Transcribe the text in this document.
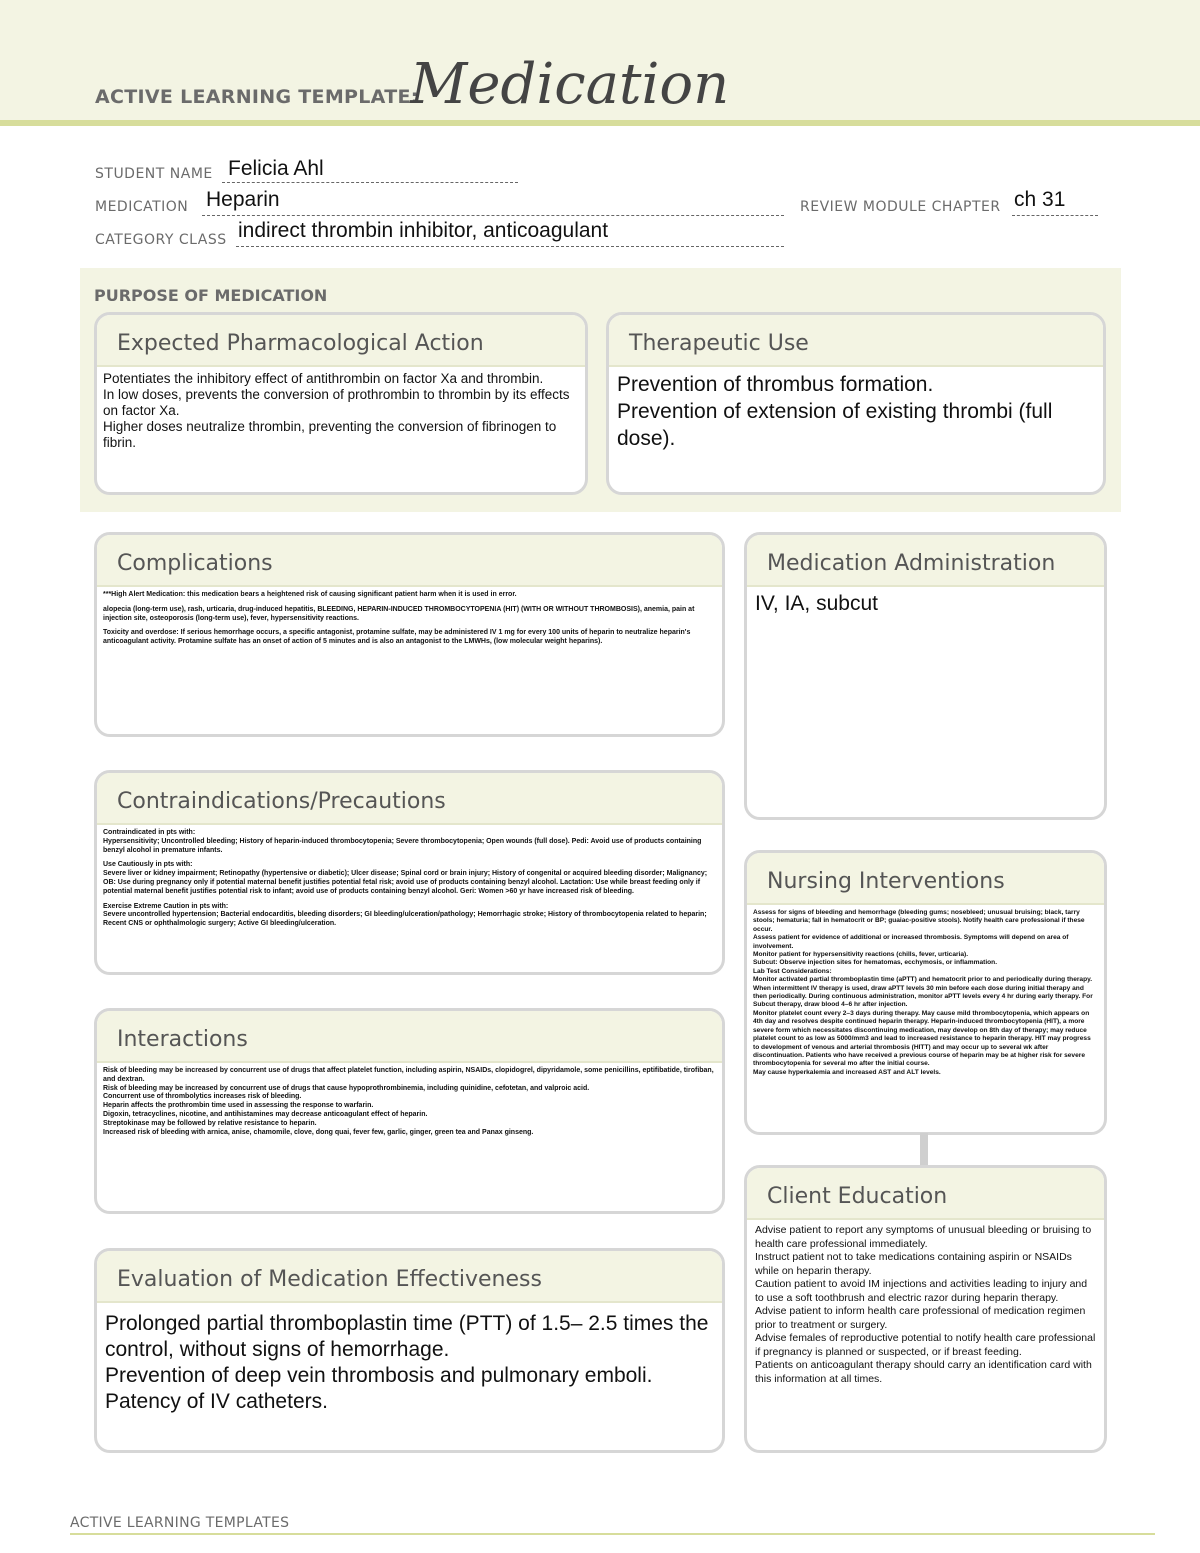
ACTIVE LEARNING TEMPLATE:
Medication
STUDENT NAME Felicia Ahl
MEDICATION Heparin	REVIEW MODULE CHAPTER ch 31
CATEGORY CLASS indirect thrombin inhibitor, anticoagulant
PURPOSE OF MEDICATION
Expected Pharmacological Action

Potentiates the inhibitory effect of antithrombin on factor Xa and thrombin.
In low doses, prevents the conversion of prothrombin to thrombin by its effects on factor Xa.
Higher doses neutralize thrombin, preventing the conversion of fibrinogen to fibrin.

Therapeutic Use

Prevention of thrombus formation.
Prevention of extension of existing thrombi (full dose).

Complications

***High Alert Medication: this medication bears a heightened risk of causing significant patient harm when it is used in error.

alopecia (long-term use), rash, urticaria, drug-induced hepatitis, BLEEDING, HEPARIN-INDUCED THROMBOCYTOPENIA (HIT) (WITH OR WITHOUT THROMBOSIS), anemia, pain at injection site, osteoporosis (long-term use), fever, hypersensitivity reactions.

Toxicity and overdose: If serious hemorrhage occurs, a specific antagonist, protamine sulfate, may be administered IV 1 mg for every 100 units of heparin to neutralize heparin's anticoagulant activity. Protamine sulfate has an onset of action of 5 minutes and is also an antagonist to the LMWHs, (low molecular weight heparins).

Medication Administration

IV, IA, subcut

Contraindications/Precautions

Contraindicated in pts with:
Hypersensitivity; Uncontrolled bleeding; History of heparin-induced thrombocytopenia; Severe thrombocytopenia; Open wounds (full dose). Pedi: Avoid use of products containing benzyl alcohol in premature infants.

Use Cautiously in pts with:
Severe liver or kidney impairment; Retinopathy (hypertensive or diabetic); Ulcer disease; Spinal cord or brain injury; History of congenital or acquired bleeding disorder; Malignancy; OB: Use during pregnancy only if potential maternal benefit justifies potential fetal risk; avoid use of products containing benzyl alcohol. Lactation: Use while breast feeding only if potential maternal benefit justifies potential risk to infant; avoid use of products containing benzyl alcohol. Geri: Women >60 yr have increased risk of bleeding.

Exercise Extreme Caution in pts with:
Severe uncontrolled hypertension; Bacterial endocarditis, bleeding disorders; GI bleeding/ulceration/pathology; Hemorrhagic stroke; History of thrombocytopenia related to heparin; Recent CNS or ophthalmologic surgery; Active GI bleeding/ulceration.

Nursing Interventions

Assess for signs of bleeding and hemorrhage (bleeding gums; nosebleed; unusual bruising; black, tarry stools; hematuria; fall in hematocrit or BP; guaiac-positive stools). Notify health care professional if these occur.
Assess patient for evidence of additional or increased thrombosis. Symptoms will depend on area of involvement.
Monitor patient for hypersensitivity reactions (chills, fever, urticaria).
Subcut: Observe injection sites for hematomas, ecchymosis, or inflammation.
Lab Test Considerations:
Monitor activated partial thromboplastin time (aPTT) and hematocrit prior to and periodically during therapy. When intermittent IV therapy is used, draw aPTT levels 30 min before each dose during initial therapy and then periodically. During continuous administration, monitor aPTT levels every 4 hr during early therapy. For Subcut therapy, draw blood 4–6 hr after injection.
Monitor platelet count every 2–3 days during therapy. May cause mild thrombocytopenia, which appears on 4th day and resolves despite continued heparin therapy. Heparin-induced thrombocytopenia (HIT), a more severe form which necessitates discontinuing medication, may develop on 8th day of therapy; may reduce platelet count to as low as 5000/mm3 and lead to increased resistance to heparin therapy. HIT may progress to development of venous and arterial thrombosis (HITT) and may occur up to several wk after discontinuation. Patients who have received a previous course of heparin may be at higher risk for severe thrombocytopenia for several mo after the initial course.
May cause hyperkalemia and increased AST and ALT levels.

Interactions

Risk of bleeding may be increased by concurrent use of drugs that affect platelet function, including aspirin, NSAIDs, clopidogrel, dipyridamole, some penicillins, eptifibatide, tirofiban, and dextran.
Risk of bleeding may be increased by concurrent use of drugs that cause hypoprothrombinemia, including quinidine, cefotetan, and valproic acid.
Concurrent use of thrombolytics increases risk of bleeding.
Heparin affects the prothrombin time used in assessing the response to warfarin.
Digoxin, tetracyclines, nicotine, and antihistamines may decrease anticoagulant effect of heparin.
Streptokinase may be followed by relative resistance to heparin.
Increased risk of bleeding with arnica, anise, chamomile, clove, dong quai, fever few, garlic, ginger, green tea and Panax ginseng.

Client Education

Advise patient to report any symptoms of unusual bleeding or bruising to health care professional immediately.
Instruct patient not to take medications containing aspirin or NSAIDs while on heparin therapy.
Caution patient to avoid IM injections and activities leading to injury and to use a soft toothbrush and electric razor during heparin therapy.
Advise patient to inform health care professional of medication regimen prior to treatment or surgery.
Advise females of reproductive potential to notify health care professional if pregnancy is planned or suspected, or if breast feeding.
Patients on anticoagulant therapy should carry an identification card with this information at all times.

Evaluation of Medication Effectiveness

Prolonged partial thromboplastin time (PTT) of 1.5– 2.5 times the control, without signs of hemorrhage.
Prevention of deep vein thrombosis and pulmonary emboli.
Patency of IV catheters.

ACTIVE LEARNING TEMPLATES
